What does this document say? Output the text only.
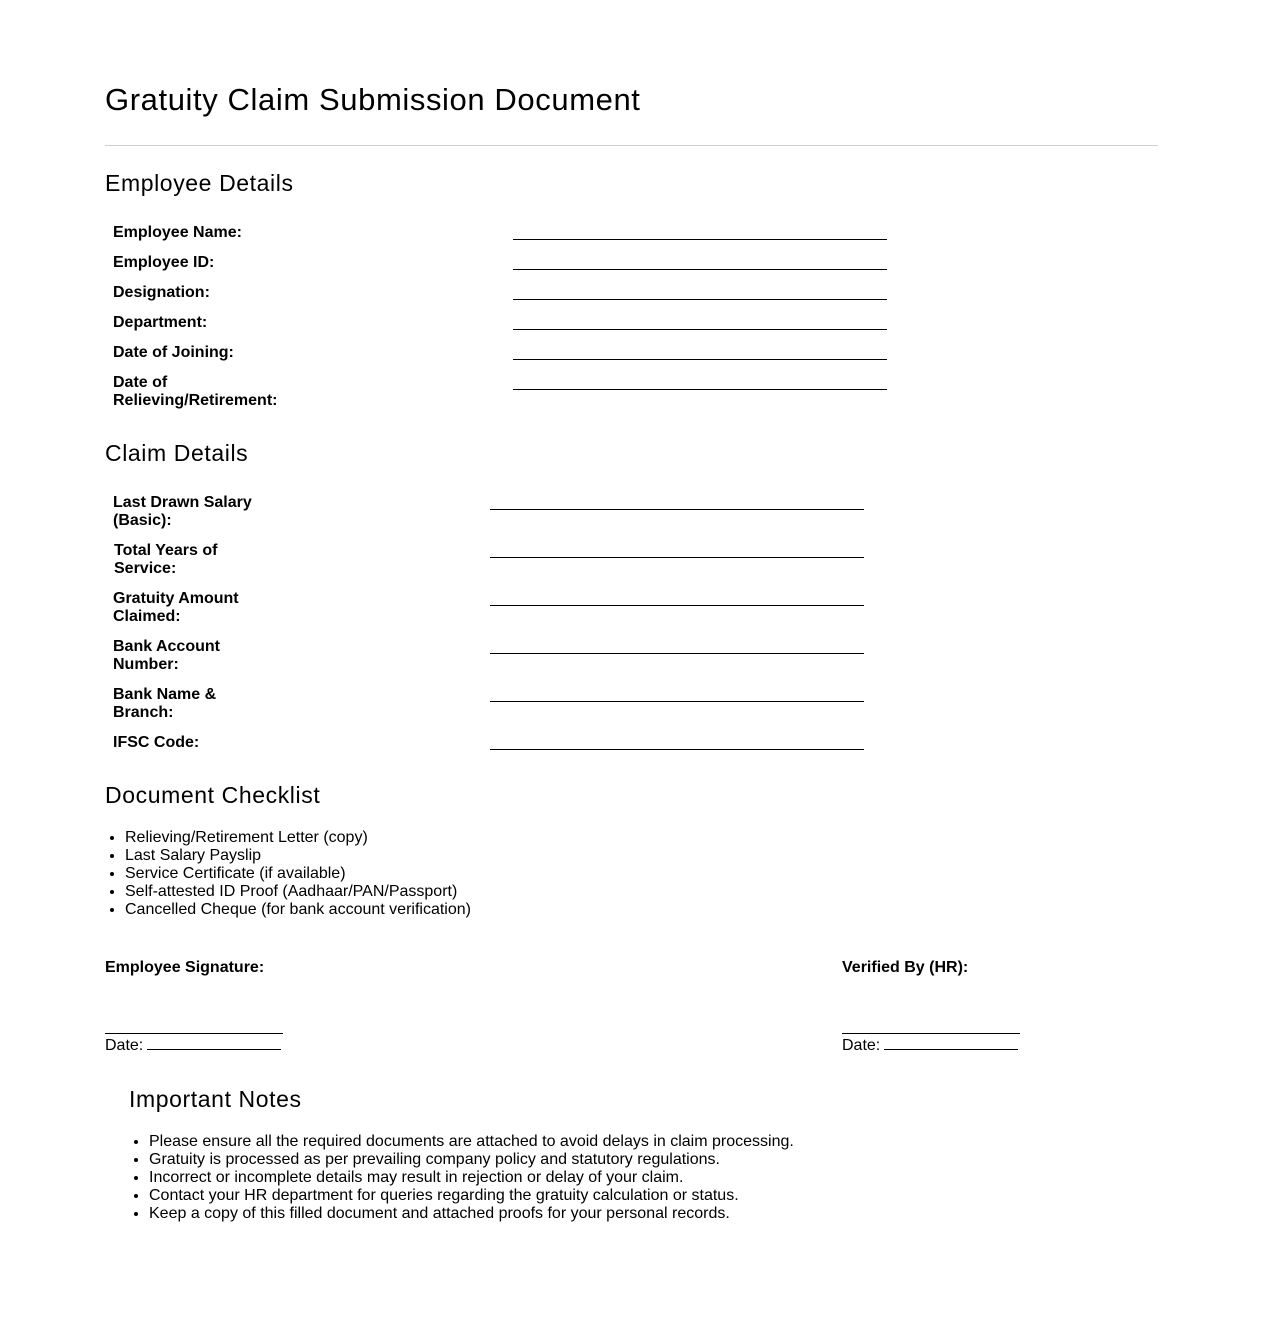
Gratuity Claim Submission Document
Employee Details
Employee Name:
Employee ID:
Designation:
Department:
Date of Joining:
Date of Relieving/Retirement:
Claim Details
Last Drawn Salary (Basic):
Total Years of Service:
Gratuity Amount Claimed:
Bank Account Number:
Bank Name & Branch:
IFSC Code:
Document Checklist
• Relieving/Retirement Letter (copy)
• Last Salary Payslip
• Service Certificate (if available)
• Self-attested ID Proof (Aadhaar/PAN/Passport)
• Cancelled Cheque (for bank account verification)
Employee Signature:
Date:
Verified By (HR):
Date:
Important Notes
• Please ensure all the required documents are attached to avoid delays in claim processing.
• Gratuity is processed as per prevailing company policy and statutory regulations.
• Incorrect or incomplete details may result in rejection or delay of your claim.
• Contact your HR department for queries regarding the gratuity calculation or status.
• Keep a copy of this filled document and attached proofs for your personal records.
